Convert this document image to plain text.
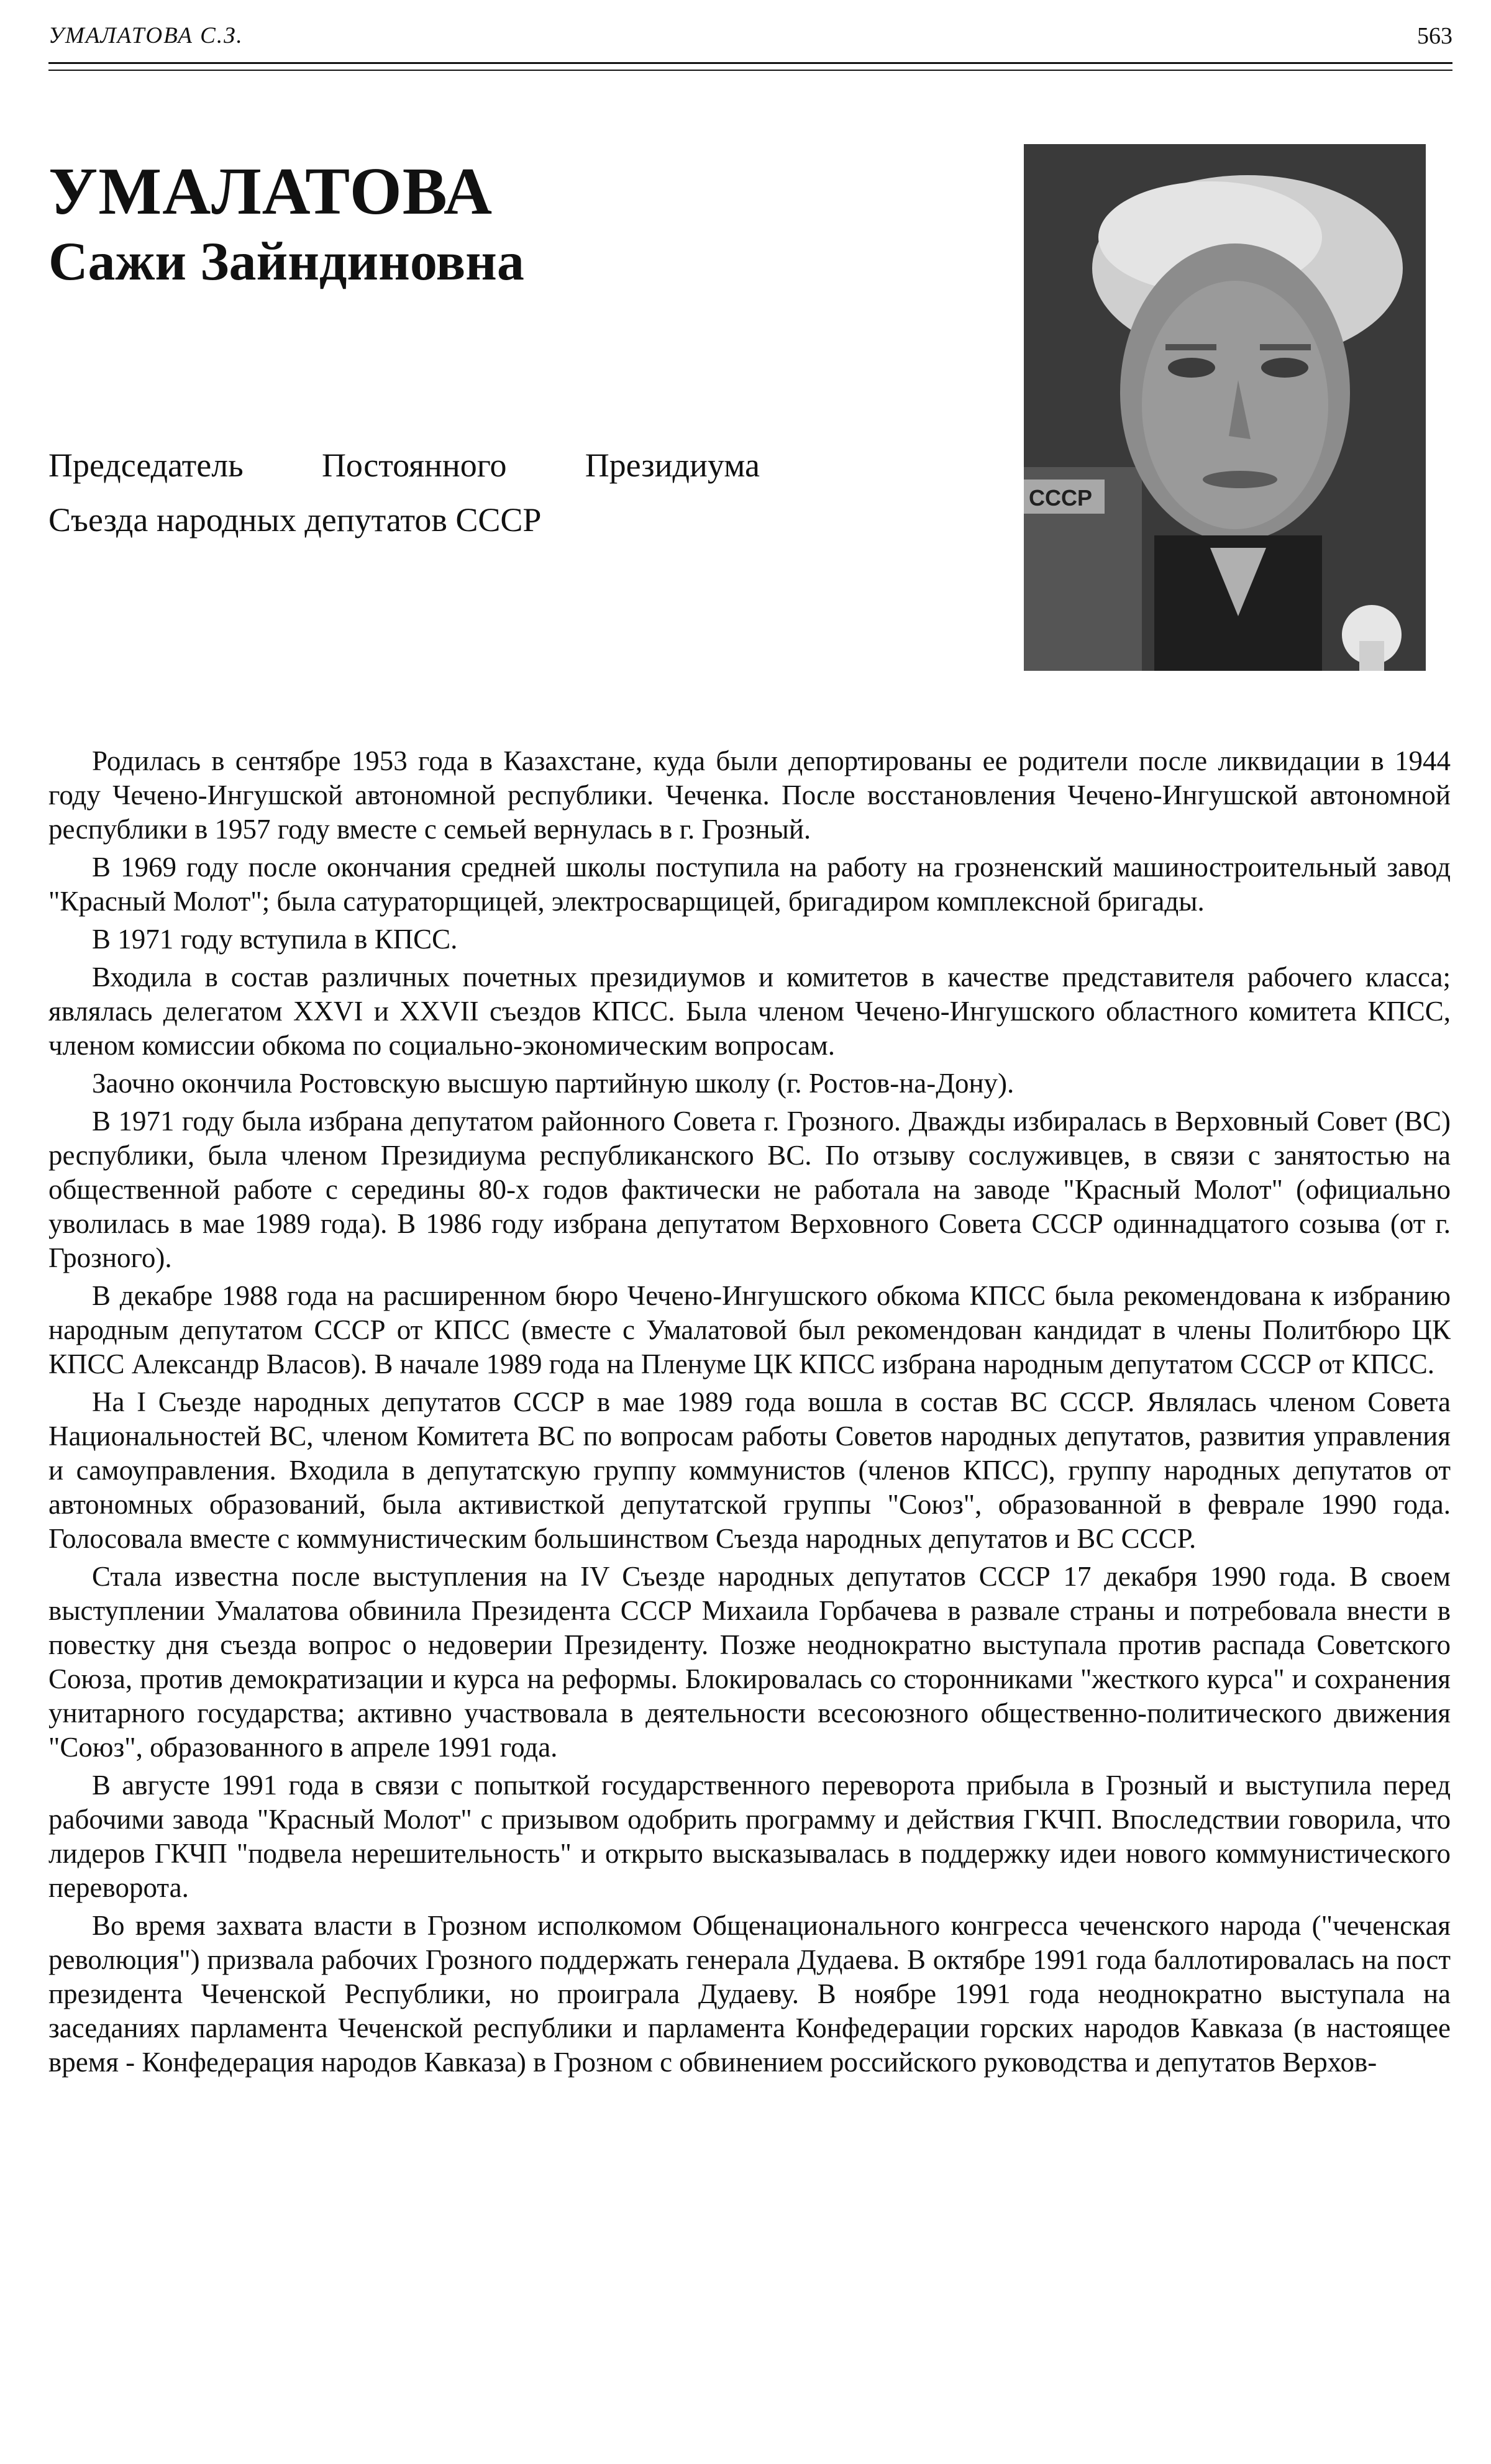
УМАЛАТОВА С.З.	563
УМАЛАТОВА
Сажи Зайндиновна
Председатель Постоянного Президиума
Съезда народных депутатов СССР
СССР

Родилась в сентябре 1953 года в Казахстане, куда были депортированы ее родители после ликвидации в 1944 году Чечено-Ингушской автономной республики. Чеченка. После восстановления Чечено-Ингушской автономной республики в 1957 году вместе с семьей вернулась в г. Грозный.

В 1969 году после окончания средней школы поступила на работу на грозненский машиностроительный завод "Красный Молот"; была сатураторщицей, электросварщицей, бригадиром комплексной бригады.

В 1971 году вступила в КПСС.

Входила в состав различных почетных президиумов и комитетов в качестве представителя рабочего класса; являлась делегатом XXVI и XXVII съездов КПСС. Была членом Чечено-Ингушского областного комитета КПСС, членом комиссии обкома по социально-экономическим вопросам.

Заочно окончила Ростовскую высшую партийную школу (г. Ростов-на-Дону).

В 1971 году была избрана депутатом районного Совета г. Грозного. Дважды избиралась в Верховный Совет (ВС) республики, была членом Президиума республиканского ВС. По отзыву сослуживцев, в связи с занятостью на общественной работе с середины 80-х годов фактически не работала на заводе "Красный Молот" (официально уволилась в мае 1989 года). В 1986 году избрана депутатом Верховного Совета СССР одиннадцатого созыва (от г. Грозного).

В декабре 1988 года на расширенном бюро Чечено-Ингушского обкома КПСС была рекомендована к избранию народным депутатом СССР от КПСС (вместе с Умалатовой был рекомендован кандидат в члены Политбюро ЦК КПСС Александр Власов). В начале 1989 года на Пленуме ЦК КПСС избрана народным депутатом СССР от КПСС.

На I Съезде народных депутатов СССР в мае 1989 года вошла в состав ВС СССР. Являлась членом Совета Национальностей ВС, членом Комитета ВС по вопросам работы Советов народных депутатов, развития управления и самоуправления. Входила в депутатскую группу коммунистов (членов КПСС), группу народных депутатов от автономных образований, была активисткой депутатской группы "Союз", образованной в феврале 1990 года. Голосовала вместе с коммунистическим большинством Съезда народных депутатов и ВС СССР.

Стала известна после выступления на IV Съезде народных депутатов СССР 17 декабря 1990 года. В своем выступлении Умалатова обвинила Президента СССР Михаила Горбачева в развале страны и потребовала внести в повестку дня съезда вопрос о недоверии Президенту. Позже неоднократно выступала против распада Советского Союза, против демократизации и курса на реформы. Блокировалась со сторонниками "жесткого курса" и сохранения унитарного государства; активно участвовала в деятельности всесоюзного общественно-политического движения "Союз", образованного в апреле 1991 года.

В августе 1991 года в связи с попыткой государственного переворота прибыла в Грозный и выступила перед рабочими завода "Красный Молот" с призывом одобрить программу и действия ГКЧП. Впоследствии говорила, что лидеров ГКЧП "подвела нерешительность" и открыто высказывалась в поддержку идеи нового коммунистического переворота.

Во время захвата власти в Грозном исполкомом Общенационального конгресса чеченского народа ("чеченская революция") призвала рабочих Грозного поддержать генерала Дудаева. В октябре 1991 года баллотировалась на пост президента Чеченской Республики, но проиграла Дудаеву. В ноябре 1991 года неоднократно выступала на заседаниях парламента Чеченской республики и парламента Конфедерации горских народов Кавказа (в настоящее время - Конфедерация народов Кавказа) в Грозном с обвинением российского руководства и депутатов Верхов-
